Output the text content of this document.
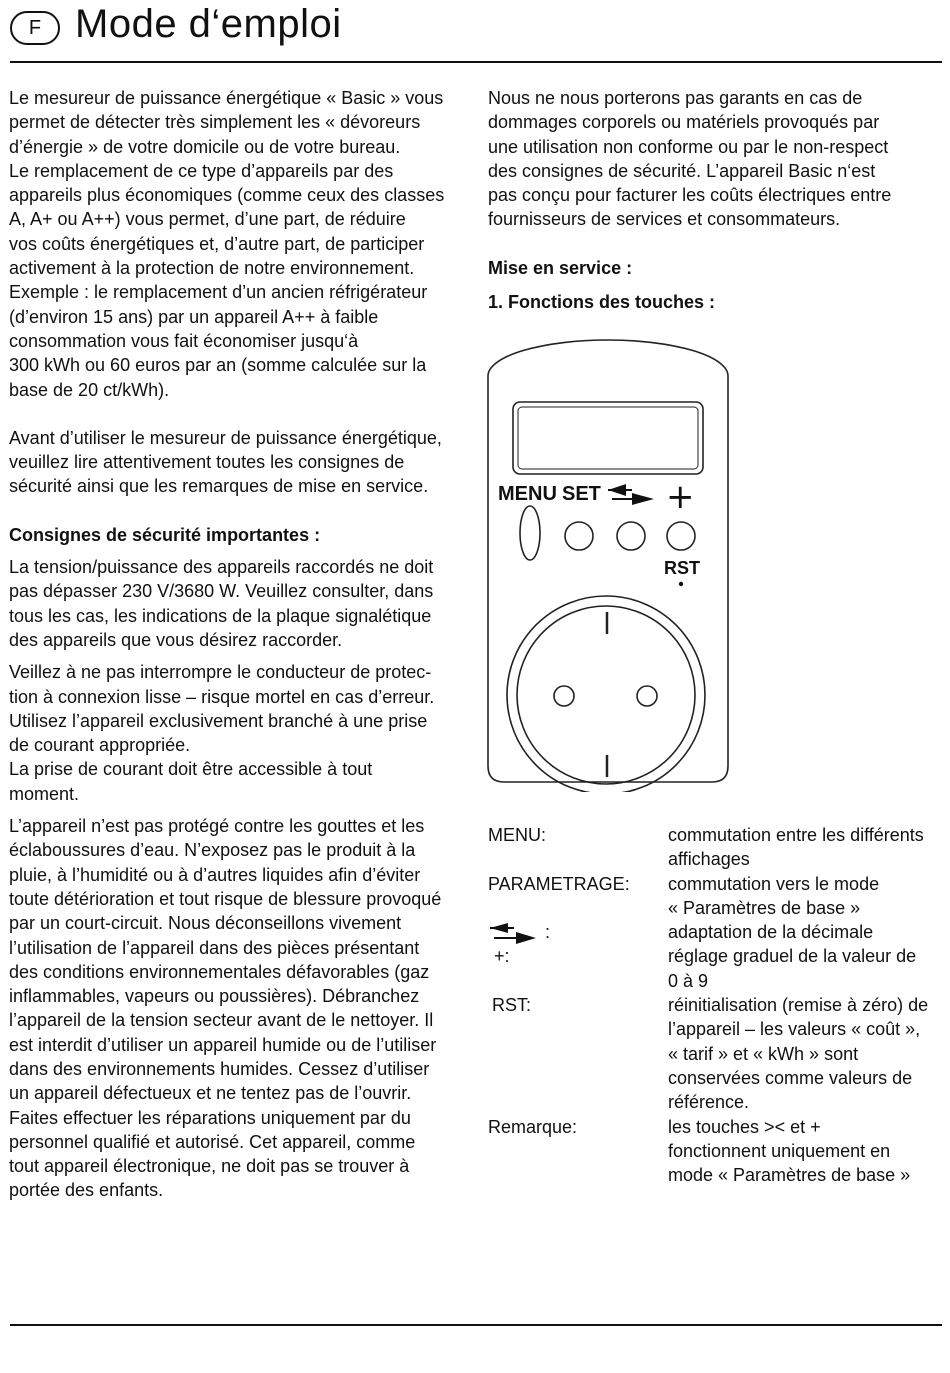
F Mode d‘emploi

Le mesureur de puissance énergétique « Basic » vous

permet de détecter très simplement les « dévoreurs

d’énergie » de votre domicile ou de votre bureau.

Le remplacement de ce type d’appareils par des

appareils plus économiques (comme ceux des classes

A, A+ ou A++) vous permet, d’une part, de réduire

vos coûts énergétiques et, d’autre part, de participer

activement à la protection de notre environnement.

Exemple : le remplacement d’un ancien réfrigérateur

(d’environ 15 ans) par un appareil A++ à faible

consommation vous fait économiser jusqu‘à

300 kWh ou 60 euros par an (somme calculée sur la

base de 20 ct/kWh).

Avant d’utiliser le mesureur de puissance énergétique,

veuillez lire attentivement toutes les consignes de

sécurité ainsi que les remarques de mise en service.

Consignes de sécurité importantes :

La tension/puissance des appareils raccordés ne doit

pas dépasser 230 V/3680 W. Veuillez consulter, dans

tous les cas, les indications de la plaque signalétique

des appareils que vous désirez raccorder.

Veillez à ne pas interrompre le conducteur de protec-

tion à connexion lisse – risque mortel en cas d’erreur.

Utilisez l’appareil exclusivement branché à une prise

de courant appropriée.

La prise de courant doit être accessible à tout

moment.

L’appareil n’est pas protégé contre les gouttes et les

éclaboussures d’eau. N’exposez pas le produit à la

pluie, à l’humidité ou à d’autres liquides afin d’éviter

toute détérioration et tout risque de blessure provoqué

par un court-circuit. Nous déconseillons vivement

l’utilisation de l’appareil dans des pièces présentant

des conditions environnementales défavorables (gaz

inflammables, vapeurs ou poussières). Débranchez

l’appareil de la tension secteur avant de le nettoyer. Il

est interdit d’utiliser un appareil humide ou de l’utiliser

dans des environnements humides. Cessez d’utiliser

un appareil défectueux et ne tentez pas de l’ouvrir.

Faites effectuer les réparations uniquement par du

personnel qualifié et autorisé. Cet appareil, comme

tout appareil électronique, ne doit pas se trouver à

portée des enfants.

Nous ne nous porterons pas garants en cas de

dommages corporels ou matériels provoqués par

une utilisation non conforme ou par le non-respect

des consignes de sécurité. L’appareil Basic n‘est

pas conçu pour facturer les coûts électriques entre

fournisseurs de services et consommateurs.

Mise en service :

1. Fonctions des touches :

MENU SET +
RST
MENU:	commutation entre les différents

affichages

PARAMETRAGE:	commutation vers le mode

« Paramètres de base »

:	adaptation de la décimale

+:	réglage graduel de la valeur de

0 à 9

RST:	réinitialisation (remise à zéro) de

l’appareil – les valeurs « coût »,

« tarif » et « kWh » sont

conservées comme valeurs de

référence.

Remarque:	les touches >< et +

fonctionnent uniquement en

mode « Paramètres de base »
